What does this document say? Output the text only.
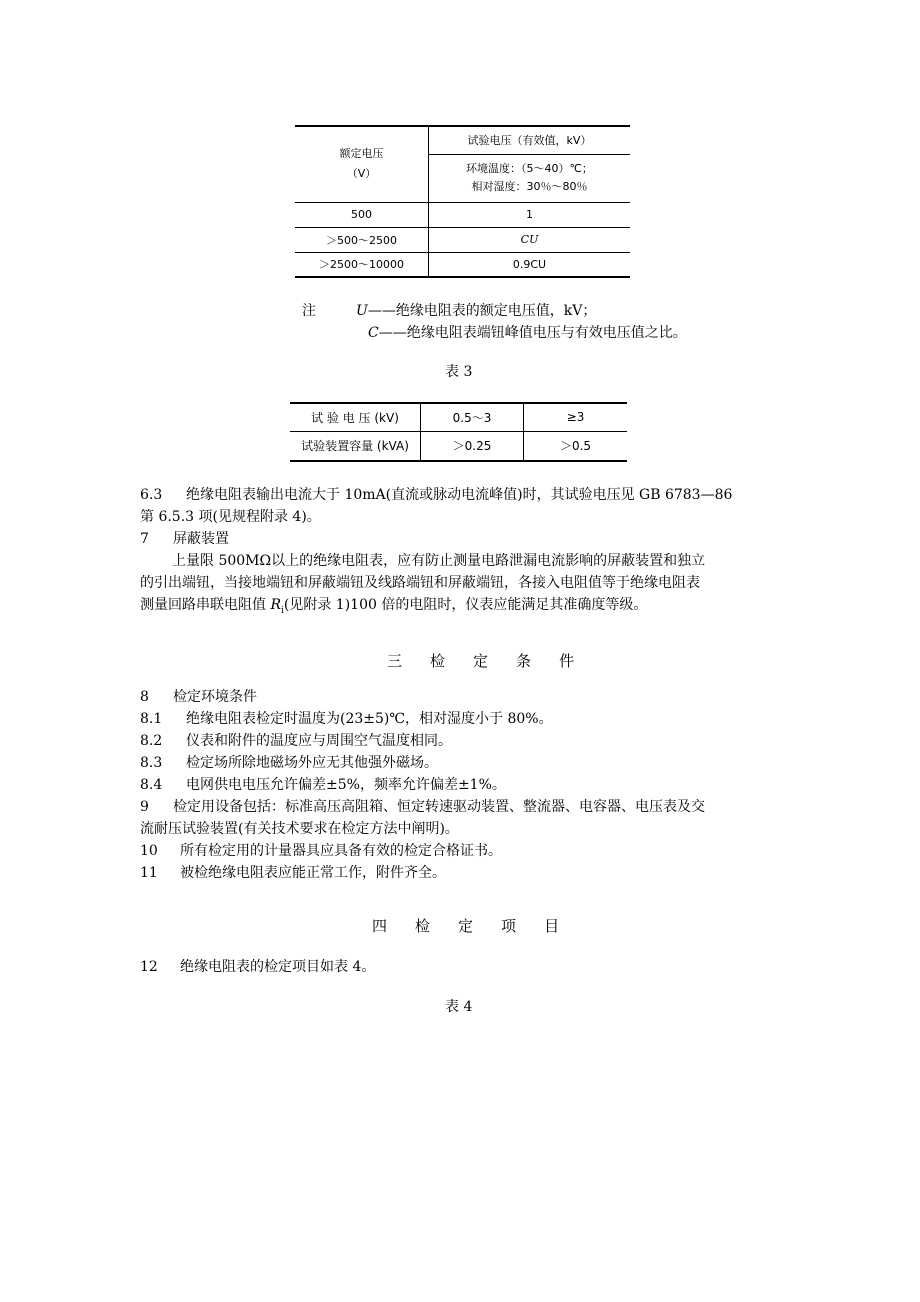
额定电压
（V）	试验电压（有效值，kV）

	环境温度：（5～40）℃；
相对湿度：30％～80％

500	1
＞500～2500	CU
＞2500～10000	0.9CU
注	U——绝缘电阻表的额定电压值，kV；
C——绝缘电阻表端钮峰值电压与有效电压值之比。
表 3
试 验 电 压 (kV)	0.5～3	≥3
试验装置容量 (kVA)	＞0.25	＞0.5
6.3 绝缘电阻表输出电流大于 10mA(直流或脉动电流峰值)时，其试验电压见 GB 6783—86
第 6.5.3 项(见规程附录 4)。
7 屏蔽装置
上量限 500MΩ以上的绝缘电阻表，应有防止测量电路泄漏电流影响的屏蔽装置和独立
的引出端钮，当接地端钮和屏蔽端钮及线路端钮和屏蔽端钮，各接入电阻值等于绝缘电阻表
测量回路串联电阻值 $R_i$(见附录 1)100 倍的电阻时，仪表应能满足其准确度等级。
三 检 定 条 件
8 检定环境条件
8.1 绝缘电阻表检定时温度为(23±5)℃，相对湿度小于 80%。
8.2 仪表和附件的温度应与周围空气温度相同。
8.3 检定场所除地磁场外应无其他强外磁场。
8.4 电网供电电压允许偏差±5%，频率允许偏差±1%。
9 检定用设备包括：标准高压高阻箱、恒定转速驱动装置、整流器、电容器、电压表及交
流耐压试验装置(有关技术要求在检定方法中阐明)。
10 所有检定用的计量器具应具备有效的检定合格证书。
11 被检绝缘电阻表应能正常工作，附件齐全。
四 检 定 项 目
12 绝缘电阻表的检定项目如表 4。
表 4
